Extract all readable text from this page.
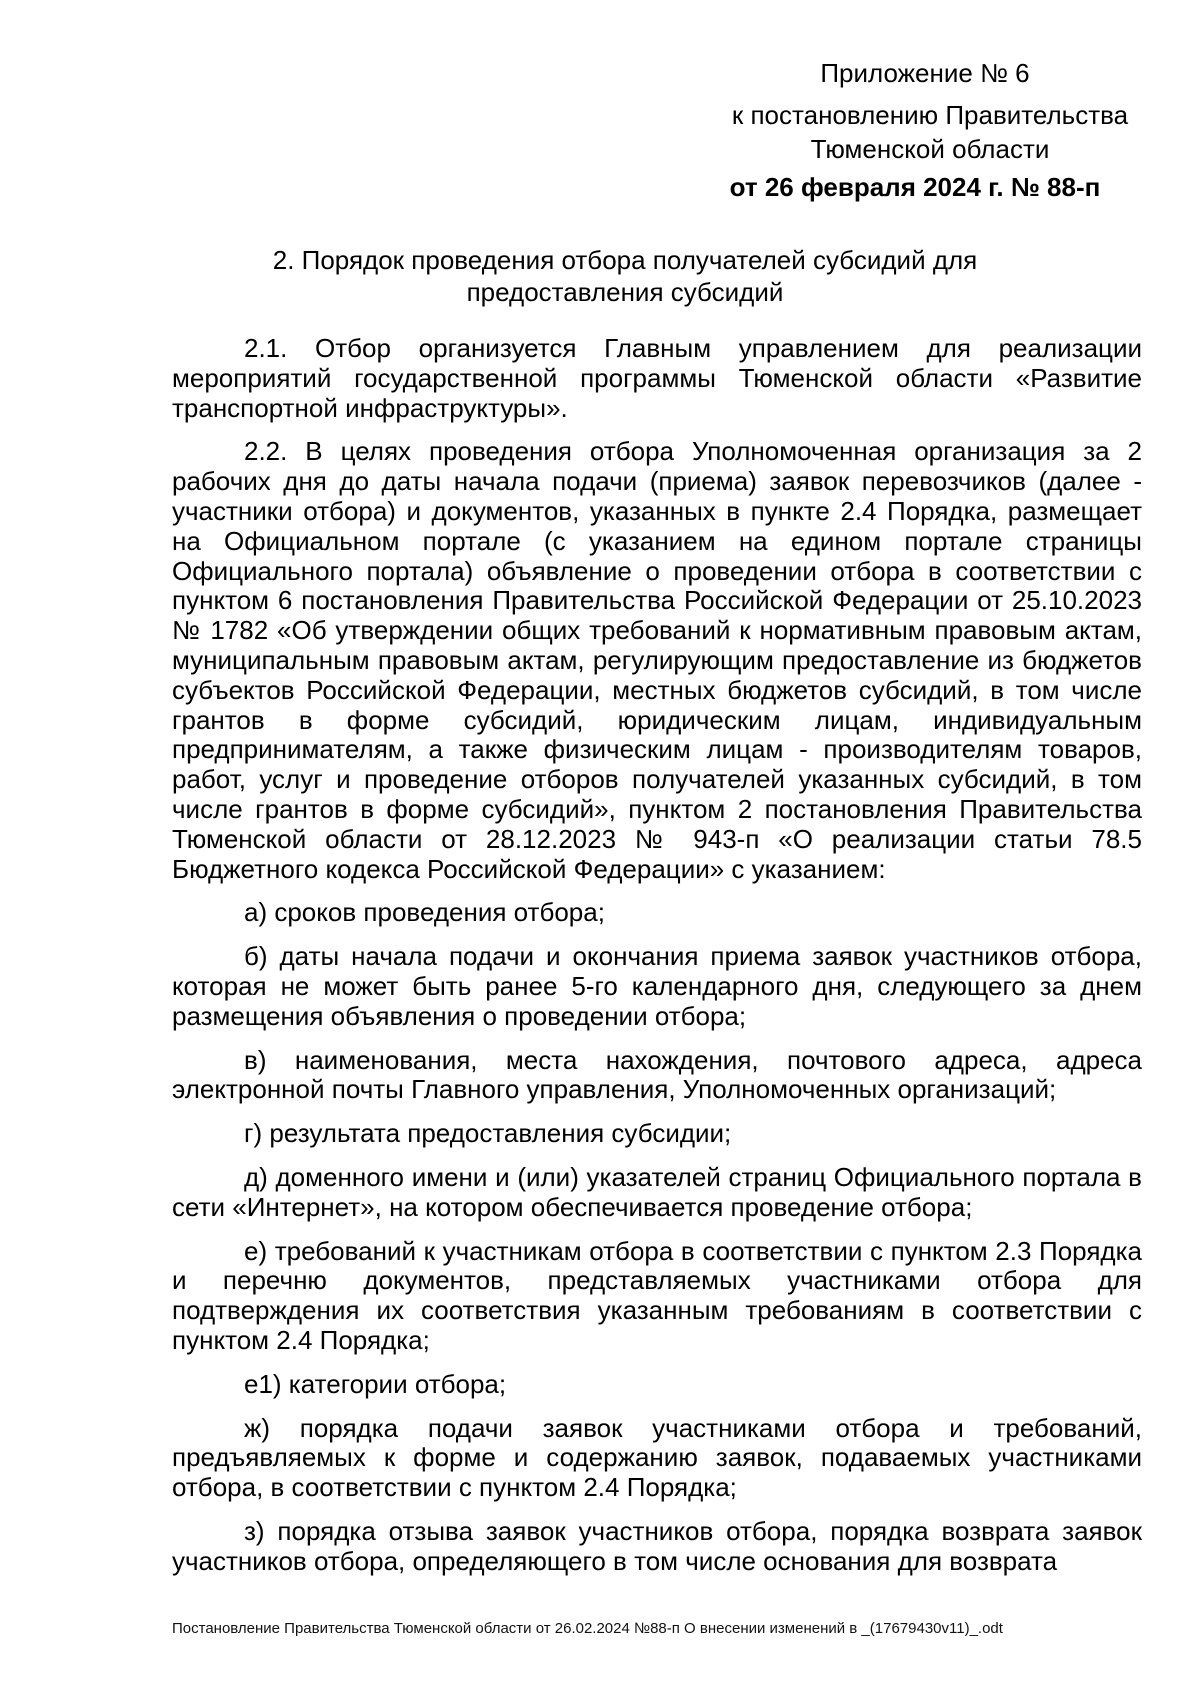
Приложение № 6
к постановлению Правительства Тюменской области
от 26 февраля 2024 г. № 88-п
2. Порядок проведения отбора получателей субсидий для предоставления субсидий

2.1. Отбор организуется Главным управлением для реализации мероприятий государственной программы Тюменской области «Развитие транспортной инфраструктуры».

2.2. В целях проведения отбора Уполномоченная организация за 2 рабочих дня до даты начала подачи (приема) заявок перевозчиков (далее - участники отбора) и документов, указанных в пункте 2.4 Порядка, размещает на Официальном портале (с указанием на едином портале страницы Официального портала) объявление о проведении отбора в соответствии с пунктом 6 постановления Правительства Российской Федерации от 25.10.2023 № 1782 «Об утверждении общих требований к нормативным правовым актам, муниципальным правовым актам, регулирующим предоставление из бюджетов субъектов Российской Федерации, местных бюджетов субсидий, в том числе грантов в форме субсидий, юридическим лицам, индивидуальным предпринимателям, а также физическим лицам - производителям товаров, работ, услуг и проведение отборов получателей указанных субсидий, в том числе грантов в форме субсидий», пунктом 2 постановления Правительства Тюменской области от 28.12.2023 № 943-п «О реализации статьи 78.5 Бюджетного кодекса Российской Федерации» с указанием:

а) сроков проведения отбора;

б) даты начала подачи и окончания приема заявок участников отбора, которая не может быть ранее 5-го календарного дня, следующего за днем размещения объявления о проведении отбора;

в) наименования, места нахождения, почтового адреса, адреса электронной почты Главного управления, Уполномоченных организаций;

г) результата предоставления субсидии;

д) доменного имени и (или) указателей страниц Официального портала в сети «Интернет», на котором обеспечивается проведение отбора;

е) требований к участникам отбора в соответствии с пунктом 2.3 Порядка и перечню документов, представляемых участниками отбора для подтверждения их соответствия указанным требованиям в соответствии с пунктом 2.4 Порядка;

е1) категории отбора;

ж) порядка подачи заявок участниками отбора и требований, предъявляемых к форме и содержанию заявок, подаваемых участниками отбора, в соответствии с пунктом 2.4 Порядка;

з) порядка отзыва заявок участников отбора, порядка возврата заявок участников отбора, определяющего в том числе основания для возврата

Постановление Правительства Тюменской области от 26.02.2024 №88-п О внесении изменений в _(17679430v11)_.odt
